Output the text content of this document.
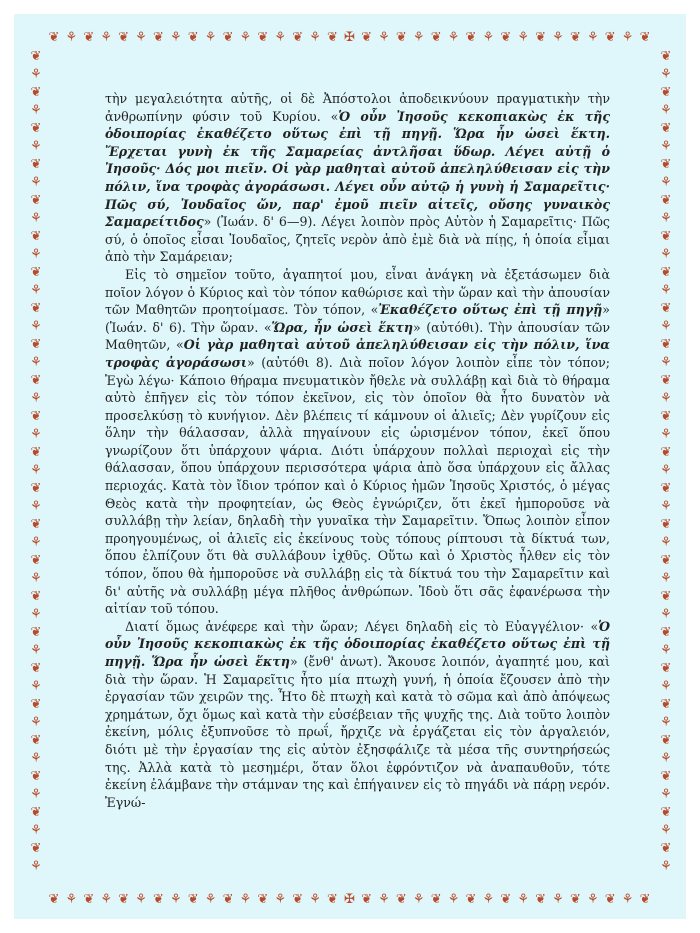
❦ ⚘ ❦ ⚘ ❦ ⚘ ❦ ⚘ ❦ ⚘ ❦ ⚘ ❦ ⚘ ❦ ⚘ ❦ ✠ ❦ ⚘ ❦ ⚘ ❦ ⚘ ❦ ⚘ ❦ ⚘ ❦ ⚘ ❦ ⚘ ❦ ⚘ ❦
❦ ⚘ ❦ ⚘ ❦ ⚘ ❦ ⚘ ❦ ⚘ ❦ ⚘ ❦ ⚘ ❦ ⚘ ❦ ✠ ❦ ⚘ ❦ ⚘ ❦ ⚘ ❦ ⚘ ❦ ⚘ ❦ ⚘ ❦ ⚘ ❦ ⚘ ❦
❦
⚘
❦
⚘
❦
⚘
❦
⚘
❦
⚘
❦
⚘
❦
⚘
❦
⚘
❦
⚘
❦
⚘
❦
⚘
❦
⚘
❦
⚘
❦
⚘
❦
⚘
❦
⚘
❦
⚘
❦
⚘
❦
⚘
❦
⚘
❦
⚘
❦
⚘
❦
⚘
❦
⚘
❦
⚘
❦
⚘
❦
⚘
❦
⚘
❦
⚘
❦
⚘
❦
⚘
❦
⚘
❦
⚘
❦
⚘
❦
⚘
❦
⚘
❦
⚘
❦
⚘
❦
⚘
❦
⚘
❦
⚘
❦
⚘
❦
⚘
❦
⚘
❦
⚘
❦
⚘

τὴν μεγαλειότητα αὐτῆς, οἱ δὲ Ἀπόστολοι ἀποδεικνύουν πραγματικὴν τὴν ἀνθρωπίνην φύσιν τοῦ Κυρίου. «Ὁ οὖν Ἰησοῦς κεκοπιακὼς ἐκ τῆς ὁδοιπορίας ἐκαθέζετο οὕτως ἐπὶ τῇ πηγῇ. Ὥρα ἦν ὡσεὶ ἕκτη. Ἔρχεται γυνὴ ἐκ τῆς Σαμαρείας ἀντλῆσαι ὕδωρ. Λέγει αὐτῇ ὁ Ἰησοῦς· Δός μοι πιεῖν. Οἱ γὰρ μαθηταὶ αὐτοῦ ἀπεληλύθεισαν εἰς τὴν πόλιν, ἵνα τροφὰς ἀγοράσωσι. Λέγει οὖν αὐτῷ ἡ γυνὴ ἡ Σαμαρεῖτις· Πῶς σύ, Ἰουδαῖος ὤν, παρ' ἐμοῦ πιεῖν αἰτεῖς, οὔσης γυναικὸς Σαμαρείτιδος» (Ἰωάν. δ' 6—9). Λέγει λοιπὸν πρὸς Αὐτὸν ἡ Σαμαρεῖτις· Πῶς σύ, ὁ ὁποῖος εἶσαι Ἰουδαῖος, ζητεῖς νερὸν ἀπὸ ἐμὲ διὰ νὰ πίῃς, ἡ ὁποία εἶμαι ἀπὸ τὴν Σαμάρειαν;

Εἰς τὸ σημεῖον τοῦτο, ἀγαπητοί μου, εἶναι ἀνάγκη νὰ ἐξετάσωμεν διὰ ποῖον λόγον ὁ Κύριος καὶ τὸν τόπον καθώρισε καὶ τὴν ὥραν καὶ τὴν ἀπουσίαν τῶν Μαθητῶν προητοίμασε. Τὸν τόπον, «Ἐκαθέζετο οὕτως ἐπὶ τῇ πηγῇ» (Ἰωάν. δ' 6). Τὴν ὥραν. «Ὥρα, ἦν ὡσεὶ ἕκτη» (αὐτόθι). Τὴν ἀπουσίαν τῶν Μαθητῶν, «Οἱ γὰρ μαθηταὶ αὐτοῦ ἀπεληλύθεισαν εἰς τὴν πόλιν, ἵνα τροφὰς ἀγοράσωσι» (αὐτόθι 8). Διὰ ποῖον λόγον λοιπὸν εἶπε τὸν τόπον; Ἐγὼ λέγω· Κάποιο θήραμα πνευματικὸν ἤθελε νὰ συλλάβῃ καὶ διὰ τὸ θήραμα αὐτὸ ἐπῆγεν εἰς τὸν τόπον ἐκεῖνον, εἰς τὸν ὁποῖον θὰ ἦτο δυνατὸν νὰ προσελκύσῃ τὸ κυνήγιον. Δὲν βλέπεις τί κάμνουν οἱ ἁλιεῖς; Δὲν γυρίζουν εἰς ὅλην τὴν θάλασσαν, ἀλλὰ πηγαίνουν εἰς ὡρισμένον τόπον, ἐκεῖ ὅπου γνωρίζουν ὅτι ὑπάρχουν ψάρια. Διότι ὑπάρχουν πολλαὶ περιοχαὶ εἰς τὴν θάλασσαν, ὅπου ὑπάρχουν περισσότερα ψάρια ἀπὸ ὅσα ὑπάρχουν εἰς ἄλλας περιοχάς. Κατὰ τὸν ἴδιον τρόπον καὶ ὁ Κύριος ἡμῶν Ἰησοῦς Χριστός, ὁ μέγας Θεὸς κατὰ τὴν προφητείαν, ὡς Θεὸς ἐγνώριζεν, ὅτι ἐκεῖ ἠμποροῦσε νὰ συλλάβῃ τὴν λείαν, δηλαδὴ τὴν γυναῖκα τὴν Σαμαρεῖτιν. Ὅπως λοιπὸν εἶπον προηγουμένως, οἱ ἁλιεῖς εἰς ἐκείνους τοὺς τόπους ρίπτουσι τὰ δίκτυά των, ὅπου ἐλπίζουν ὅτι θὰ συλλάβουν ἰχθῦς. Οὕτω καὶ ὁ Χριστὸς ἦλθεν εἰς τὸν τόπον, ὅπου θὰ ἠμποροῦσε νὰ συλλάβῃ εἰς τὰ δίκτυά του τὴν Σαμαρεῖτιν καὶ δι' αὐτῆς νὰ συλλάβῃ μέγα πλῆθος ἀνθρώπων. Ἰδοὺ ὅτι σᾶς ἐφανέρωσα τὴν αἰτίαν τοῦ τόπου.

Διατί ὅμως ἀνέφερε καὶ τὴν ὥραν; Λέγει δηλαδὴ εἰς τὸ Εὐαγγέλιον· «Ὁ οὖν Ἰησοῦς κεκοπιακὼς ἐκ τῆς ὁδοιπορίας ἐκαθέζετο οὕτως ἐπὶ τῇ πηγῇ. Ὥρα ἦν ὡσεὶ ἕκτη» (ἔνθ' ἀνωτ). Ἄκουσε λοιπόν, ἀγαπητέ μου, καὶ διὰ τὴν ὥραν. Ἡ Σαμαρεῖτις ἦτο μία πτωχὴ γυνή, ἡ ὁποία ἔζουσεν ἀπὸ τὴν ἐργασίαν τῶν χειρῶν της. Ἦτο δὲ πτωχὴ καὶ κατὰ τὸ σῶμα καὶ ἀπὸ ἀπόψεως χρημάτων, ὄχι ὅμως καὶ κατὰ τὴν εὐσέβειαν τῆς ψυχῆς της. Διὰ τοῦτο λοιπὸν ἐκείνη, μόλις ἐξυπνοῦσε τὸ πρωΐ, ἤρχιζε νὰ ἐργάζεται εἰς τὸν ἀργαλειόν, διότι μὲ τὴν ἐργασίαν της εἰς αὐτὸν ἐξησφάλιζε τὰ μέσα τῆς συντηρήσεώς της. Ἀλλὰ κατὰ τὸ μεσημέρι, ὅταν ὅλοι ἐφρόντιζον νὰ ἀναπαυθοῦν, τότε ἐκείνη ἐλάμβανε τὴν στάμναν της καὶ ἐπήγαινεν εἰς τὸ πηγάδι νὰ πάρῃ νερόν. Ἐγνώ-
